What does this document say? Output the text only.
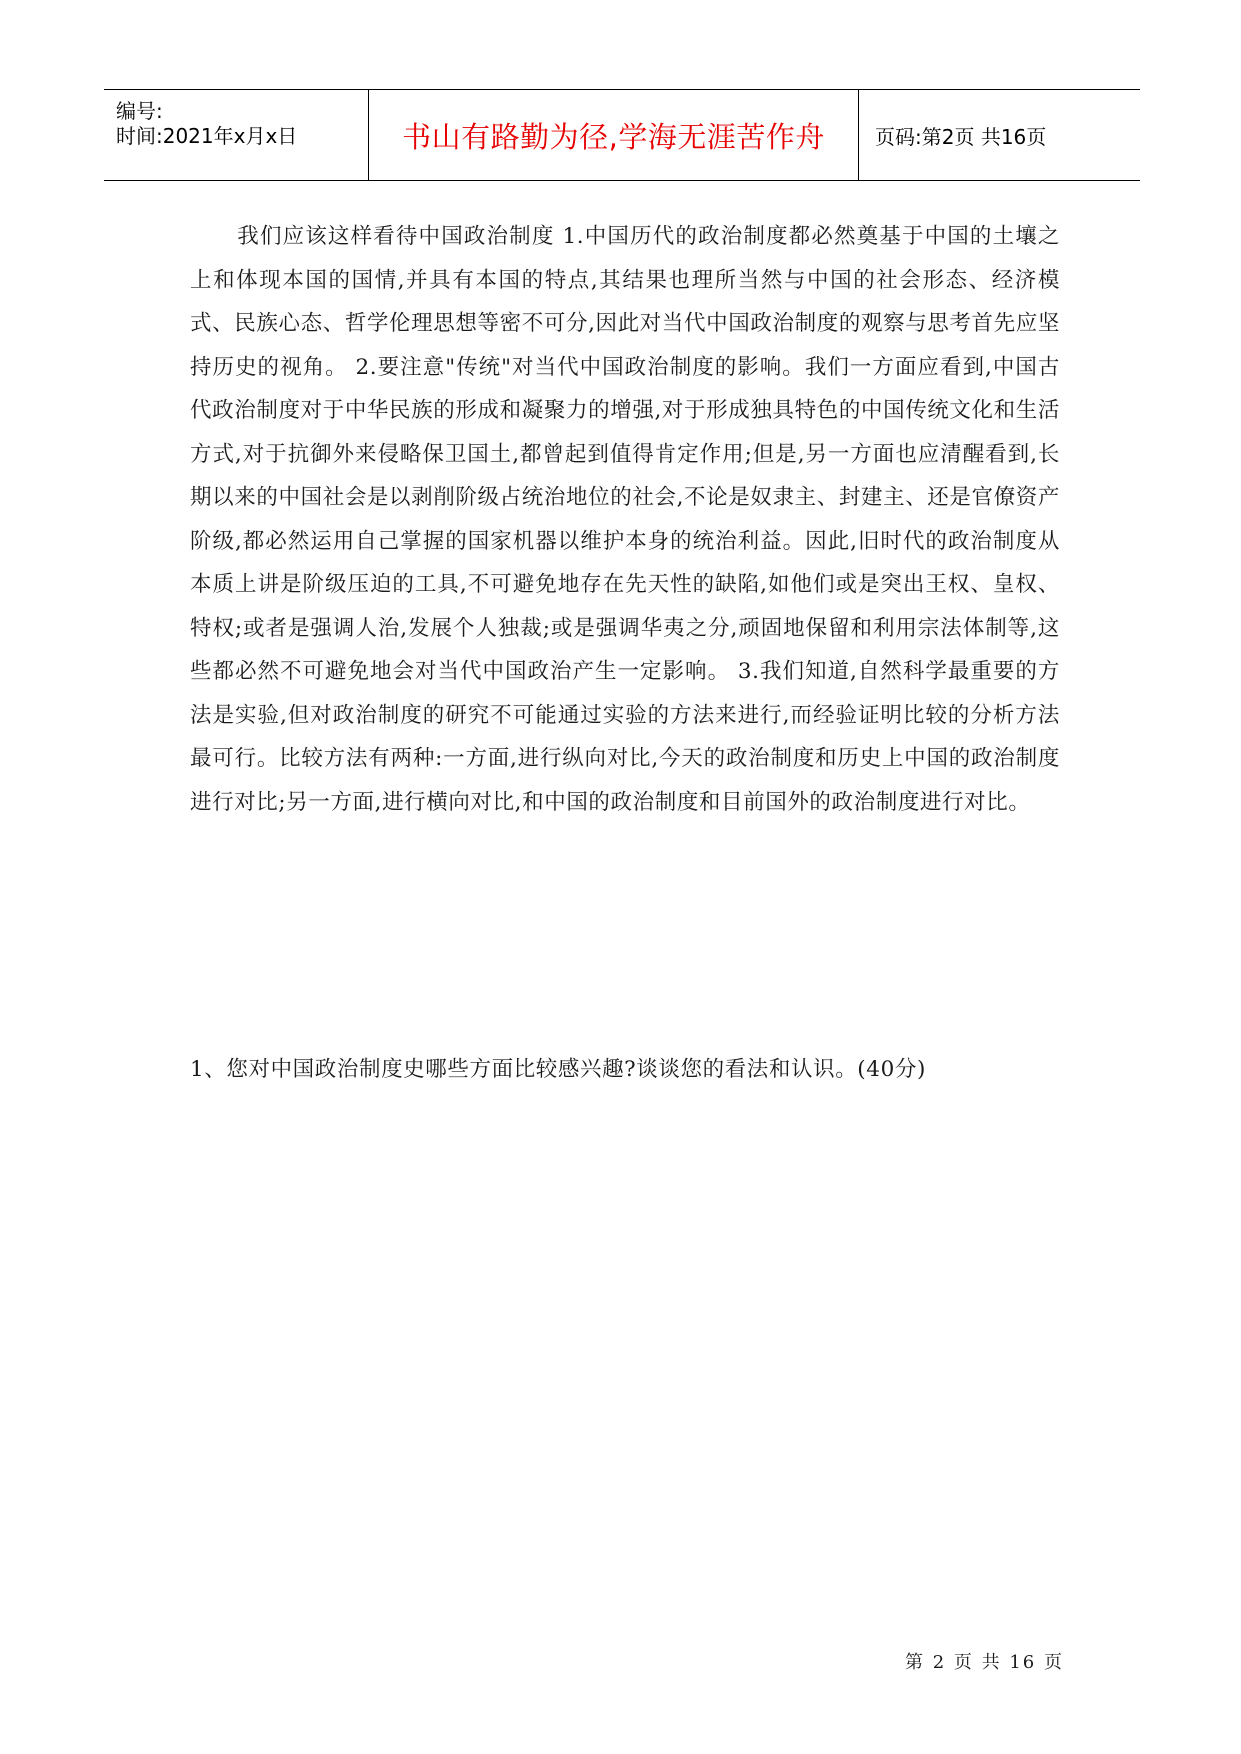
编号:
时间:2021年x月x日	书山有路勤为径,学海无涯苦作舟	页码:第2页 共16页

我们应该这样看待中国政治制度 1.中国历代的政治制度都必然奠基于中国的土壤之上和体现本国的国情,并具有本国的特点,其结果也理所当然与中国的社会形态、经济模式、民族心态、哲学伦理思想等密不可分,因此对当代中国政治制度的观察与思考首先应坚持历史的视角。 2.要注意"传统"对当代中国政治制度的影响。我们一方面应看到,中国古代政治制度对于中华民族的形成和凝聚力的增强,对于形成独具特色的中国传统文化和生活方式,对于抗御外来侵略保卫国土,都曾起到值得肯定作用;但是,另一方面也应清醒看到,长期以来的中国社会是以剥削阶级占统治地位的社会,不论是奴隶主、封建主、还是官僚资产阶级,都必然运用自己掌握的国家机器以维护本身的统治利益。因此,旧时代的政治制度从本质上讲是阶级压迫的工具,不可避免地存在先天性的缺陷,如他们或是突出王权、皇权、特权;或者是强调人治,发展个人独裁;或是强调华夷之分,顽固地保留和利用宗法体制等,这些都必然不可避免地会对当代中国政治产生一定影响。 3.我们知道,自然科学最重要的方法是实验,但对政治制度的研究不可能通过实验的方法来进行,而经验证明比较的分析方法最可行。比较方法有两种:一方面,进行纵向对比,今天的政治制度和历史上中国的政治制度进行对比;另一方面,进行横向对比,和中国的政治制度和目前国外的政治制度进行对比。

1、您对中国政治制度史哪些方面比较感兴趣?谈谈您的看法和认识。(40分)

第 2 页 共 16 页
